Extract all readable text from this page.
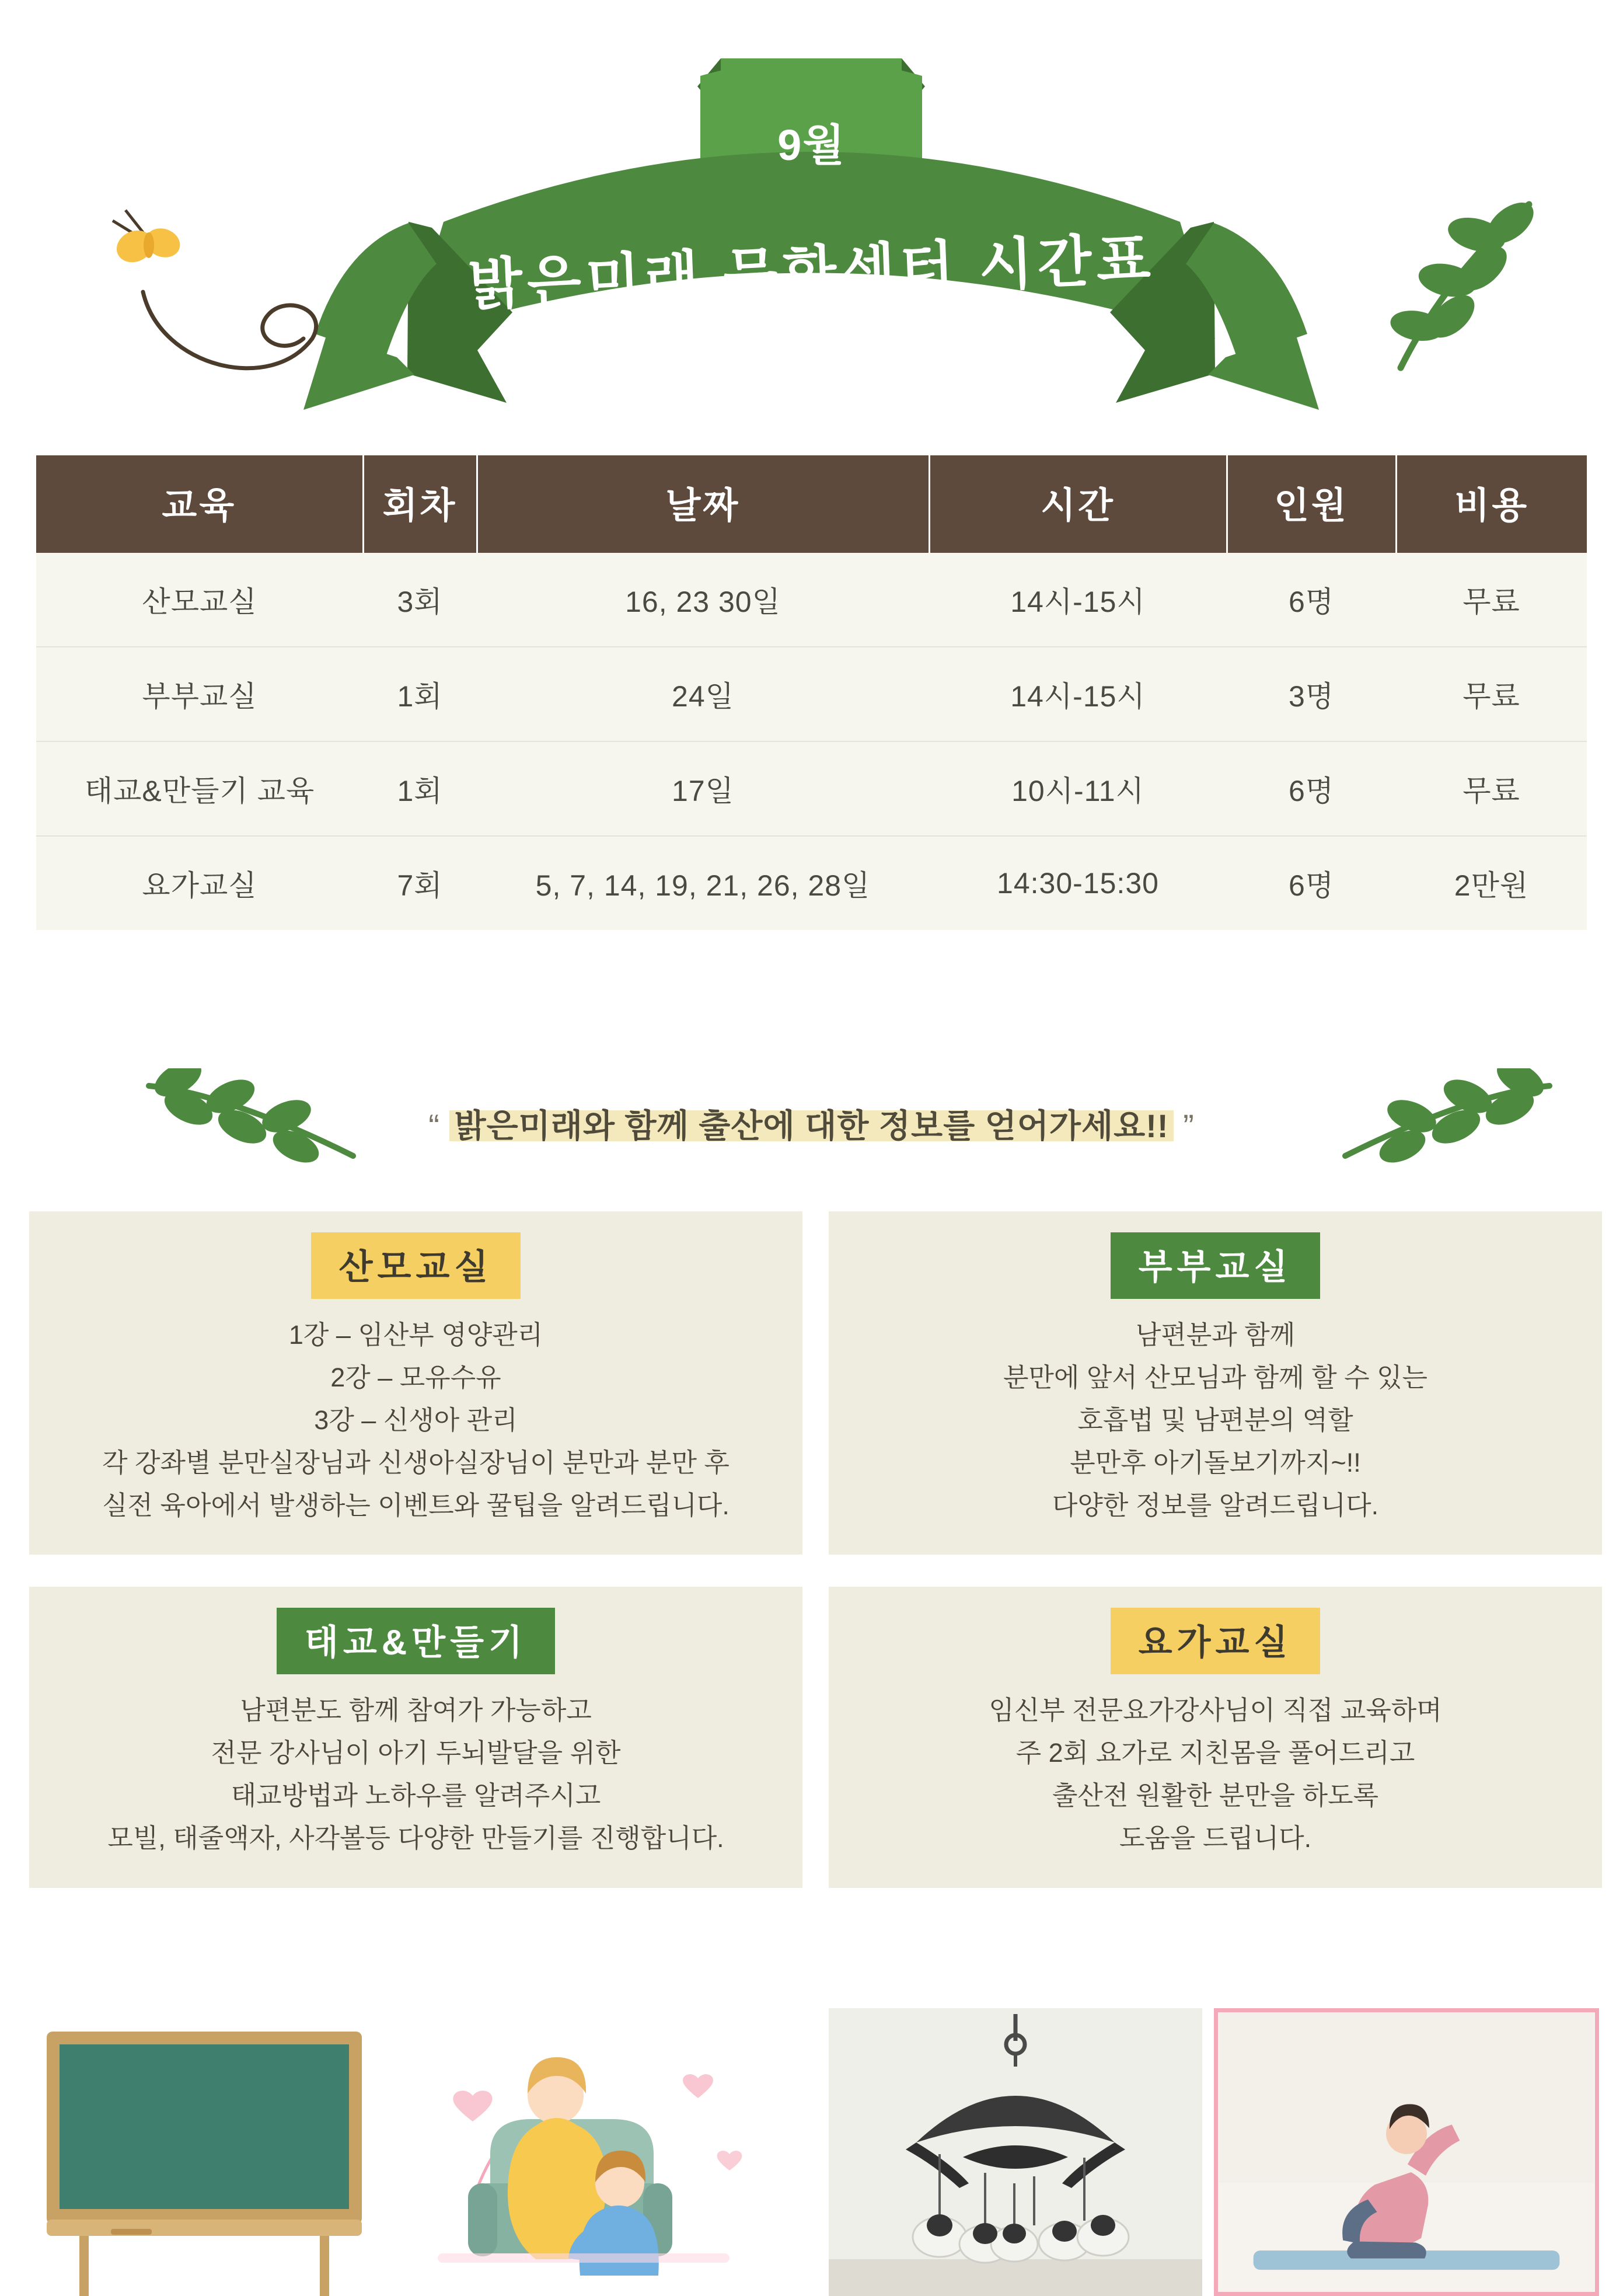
9월
밝은미래 문화센터 시간표
교육	회차	날짜	시간	인원	비용
산모교실	3회	16, 23 30일	14시-15시	6명	무료
부부교실	1회	24일	14시-15시	3명	무료
태교&만들기 교육	1회	17일	10시-11시	6명	무료
요가교실	7회	5, 7, 14, 19, 21, 26, 28일	14:30-15:30	6명	2만원
“ 밝은미래와 함께 출산에 대한 정보를 얻어가세요!! ”
산모교실
1강 – 임산부 영양관리
2강 – 모유수유
3강 – 신생아 관리
각 강좌별 분만실장님과 신생아실장님이 분만과 분만 후
실전 육아에서 발생하는 이벤트와 꿀팁을 알려드립니다.
부부교실
남편분과 함께
분만에 앞서 산모님과 함께 할 수 있는
호흡법 및 남편분의 역할
분만후 아기돌보기까지~!!
다양한 정보를 알려드립니다.
태교&만들기
남편분도 함께 참여가 가능하고
전문 강사님이 아기 두뇌발달을 위한
태교방법과 노하우를 알려주시고
모빌, 태줄액자, 사각볼등 다양한 만들기를 진행합니다.
요가교실
임신부 전문요가강사님이 직접 교육하며
주 2회 요가로 지친몸을 풀어드리고
출산전 원활한 분만을 하도록
도움을 드립니다.
